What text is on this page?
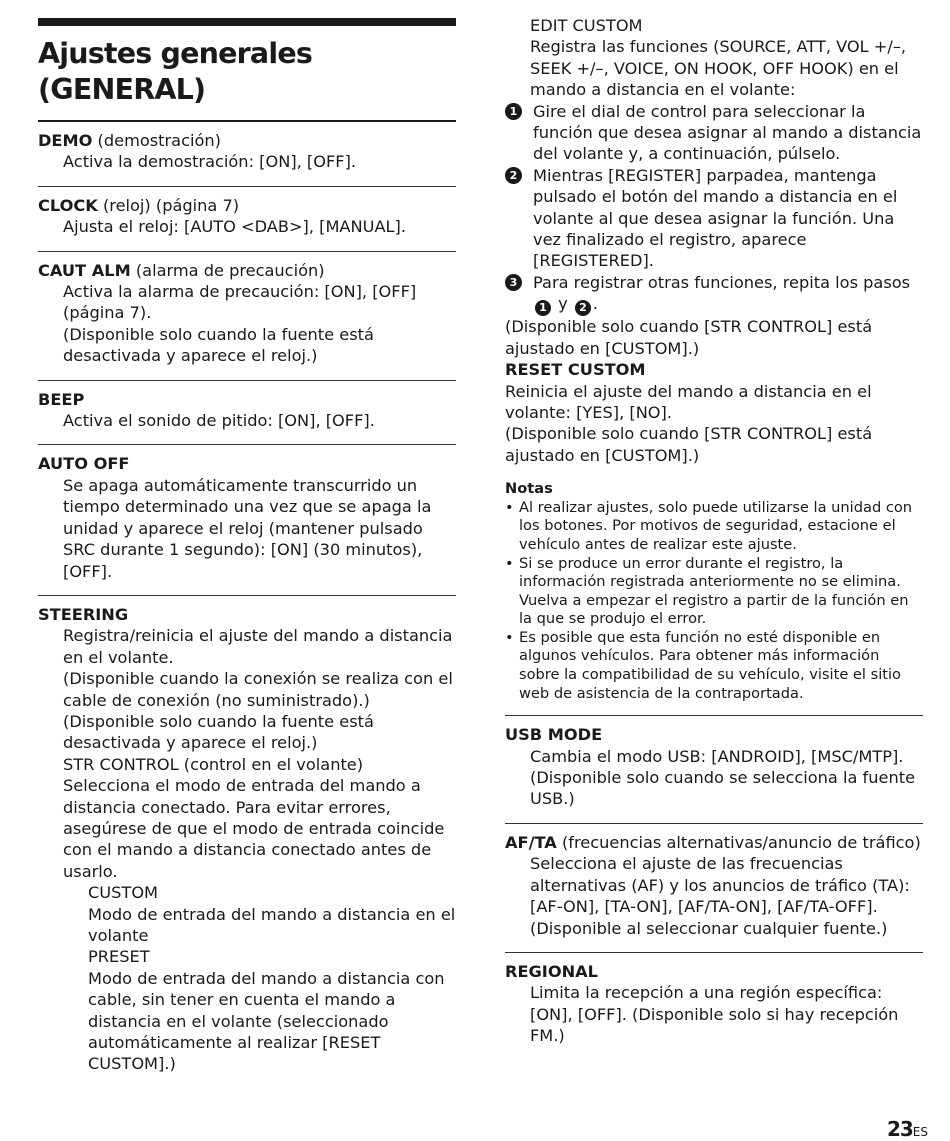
Ajustes generales (GENERAL)
DEMO (demostración)
Activa la demostración: [ON], [OFF].
CLOCK (reloj) (página 7)
Ajusta el reloj: [AUTO <DAB>], [MANUAL].
CAUT ALM (alarma de precaución)
Activa la alarma de precaución: [ON], [OFF] (página 7).
(Disponible solo cuando la fuente está desactivada y aparece el reloj.)
BEEP
Activa el sonido de pitido: [ON], [OFF].
AUTO OFF
Se apaga automáticamente transcurrido un tiempo determinado una vez que se apaga la unidad y aparece el reloj (mantener pulsado SRC durante 1 segundo): [ON] (30 minutos), [OFF].
STEERING
Registra/reinicia el ajuste del mando a distancia en el volante.
(Disponible cuando la conexión se realiza con el cable de conexión (no suministrado).)
(Disponible solo cuando la fuente está desactivada y aparece el reloj.)
STR CONTROL (control en el volante)
Selecciona el modo de entrada del mando a distancia conectado. Para evitar errores, asegúrese de que el modo de entrada coincide con el mando a distancia conectado antes de usarlo.
CUSTOM
Modo de entrada del mando a distancia en el volante
PRESET
Modo de entrada del mando a distancia con cable, sin tener en cuenta el mando a distancia en el volante (seleccionado automáticamente al realizar [RESET CUSTOM].)
EDIT CUSTOM
Registra las funciones (SOURCE, ATT, VOL +/–, SEEK +/–, VOICE, ON HOOK, OFF HOOK) en el mando a distancia en el volante:
1 Gire el dial de control para seleccionar la función que desea asignar al mando a distancia del volante y, a continuación, púlselo.
2 Mientras [REGISTER] parpadea, mantenga pulsado el botón del mando a distancia en el volante al que desea asignar la función. Una vez finalizado el registro, aparece [REGISTERED].
3 Para registrar otras funciones, repita los pasos 1 y 2 .
(Disponible solo cuando [STR CONTROL] está ajustado en [CUSTOM].)
RESET CUSTOM
Reinicia el ajuste del mando a distancia en el volante: [YES], [NO].
(Disponible solo cuando [STR CONTROL] está ajustado en [CUSTOM].)
Notas
• Al realizar ajustes, solo puede utilizarse la unidad con los botones. Por motivos de seguridad, estacione el vehículo antes de realizar este ajuste.
• Si se produce un error durante el registro, la información registrada anteriormente no se elimina. Vuelva a empezar el registro a partir de la función en la que se produjo el error.
• Es posible que esta función no esté disponible en algunos vehículos. Para obtener más información sobre la compatibilidad de su vehículo, visite el sitio web de asistencia de la contraportada.
USB MODE
Cambia el modo USB: [ANDROID], [MSC/MTP].
(Disponible solo cuando se selecciona la fuente USB.)
AF/TA (frecuencias alternativas/anuncio de tráfico)
Selecciona el ajuste de las frecuencias alternativas (AF) y los anuncios de tráfico (TA): [AF-ON], [TA-ON], [AF/TA-ON], [AF/TA-OFF].
(Disponible al seleccionar cualquier fuente.)
REGIONAL
Limita la recepción a una región específica: [ON], [OFF]. (Disponible solo si hay recepción FM.)
23ES
